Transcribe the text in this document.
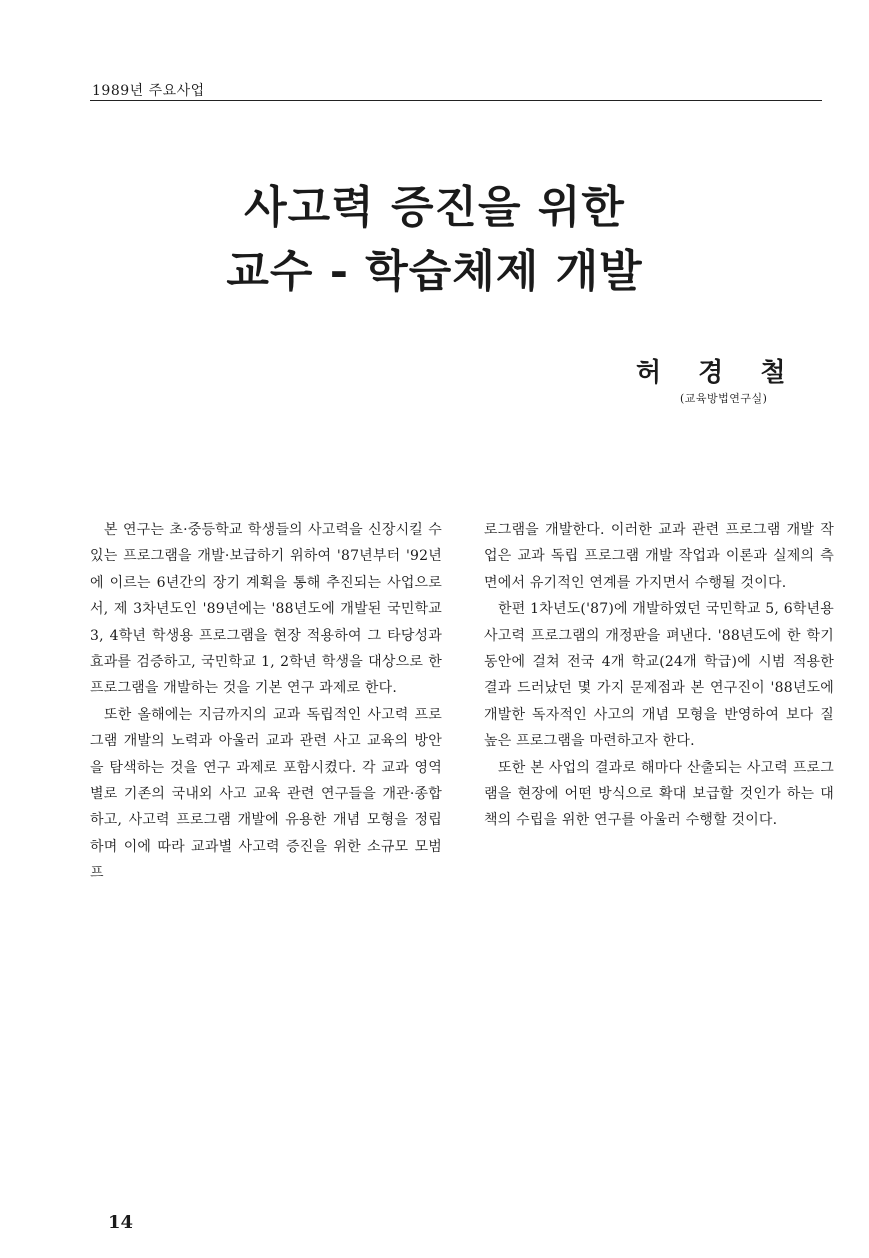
1989년 주요사업
사고력 증진을 위한
교수 - 학습체제 개발
허 경 철
(교육방법연구실)

본 연구는 초·중등학교 학생들의 사고력을 신장시킬 수 있는 프로그램을 개발·보급하기 위하여 '87년부터 '92년에 이르는 6년간의 장기 계획을 통해 추진되는 사업으로서, 제 3차년도인 '89년에는 '88년도에 개발된 국민학교 3, 4학년 학생용 프로그램을 현장 적용하여 그 타당성과 효과를 검증하고, 국민학교 1, 2학년 학생을 대상으로 한 프로그램을 개발하는 것을 기본 연구 과제로 한다.

또한 올해에는 지금까지의 교과 독립적인 사고력 프로그램 개발의 노력과 아울러 교과 관련 사고 교육의 방안을 탐색하는 것을 연구 과제로 포함시켰다. 각 교과 영역별로 기존의 국내외 사고 교육 관련 연구들을 개관·종합하고, 사고력 프로그램 개발에 유용한 개념 모형을 정립하며 이에 따라 교과별 사고력 증진을 위한 소규모 모범 프

로그램을 개발한다. 이러한 교과 관련 프로그램 개발 작업은 교과 독립 프로그램 개발 작업과 이론과 실제의 측면에서 유기적인 연계를 가지면서 수행될 것이다.

한편 1차년도('87)에 개발하였던 국민학교 5, 6학년용 사고력 프로그램의 개정판을 펴낸다. '88년도에 한 학기 동안에 걸쳐 전국 4개 학교(24개 학급)에 시범 적용한 결과 드러났던 몇 가지 문제점과 본 연구진이 '88년도에 개발한 독자적인 사고의 개념 모형을 반영하여 보다 질 높은 프로그램을 마련하고자 한다.

또한 본 사업의 결과로 해마다 산출되는 사고력 프로그램을 현장에 어떤 방식으로 확대 보급할 것인가 하는 대책의 수립을 위한 연구를 아울러 수행할 것이다.

14
